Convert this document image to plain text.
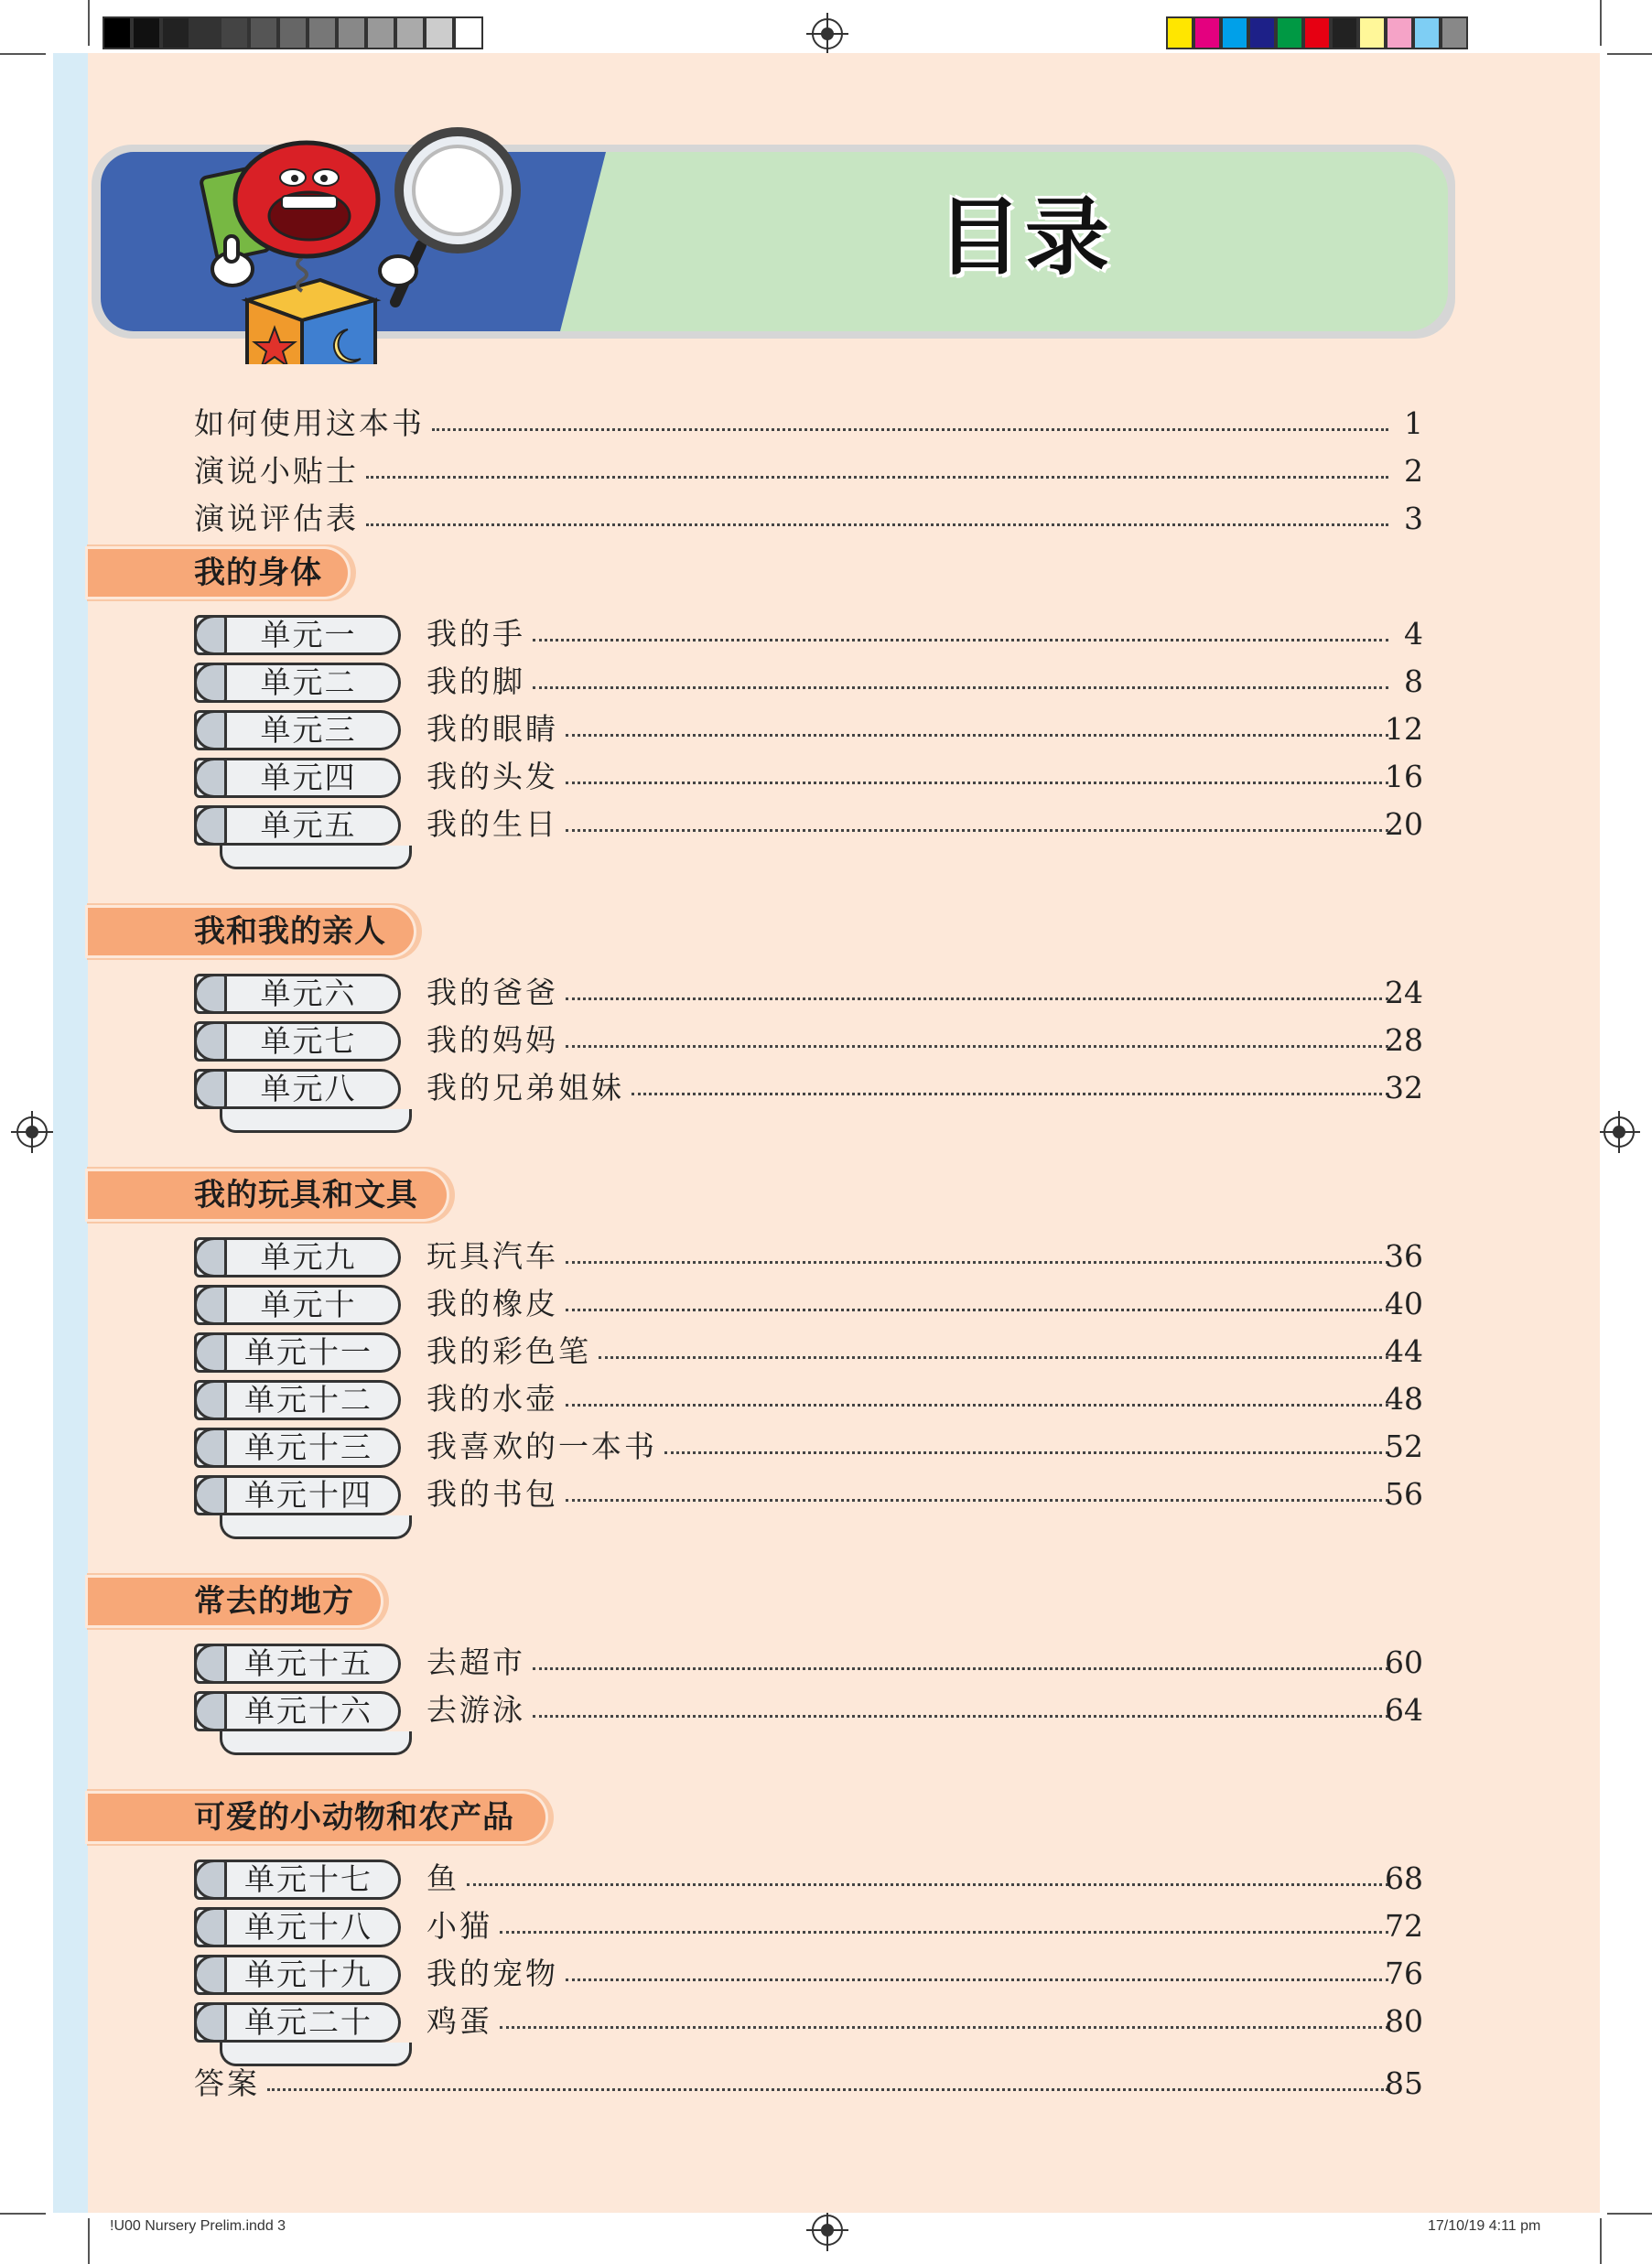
目录
如何使用这本书	1
演说小贴士	2
演说评估表	3
我的身体
单元一	我的手	4
单元二	我的脚	8
单元三	我的眼睛	12
单元四	我的头发	16
单元五	我的生日	20
我和我的亲人
单元六	我的爸爸	24
单元七	我的妈妈	28
单元八	我的兄弟姐妹	32
我的玩具和文具
单元九	玩具汽车	36
单元十	我的橡皮	40
单元十一	我的彩色笔	44
单元十二	我的水壶	48
单元十三	我喜欢的一本书	52
单元十四	我的书包	56
常去的地方
单元十五	去超市	60
单元十六	去游泳	64
可爱的小动物和农产品
单元十七	鱼	68
单元十八	小猫	72
单元十九	我的宠物	76
单元二十	鸡蛋	80
答案	85
!U00 Nursery Prelim.indd 3	17/10/19 4:11 pm
